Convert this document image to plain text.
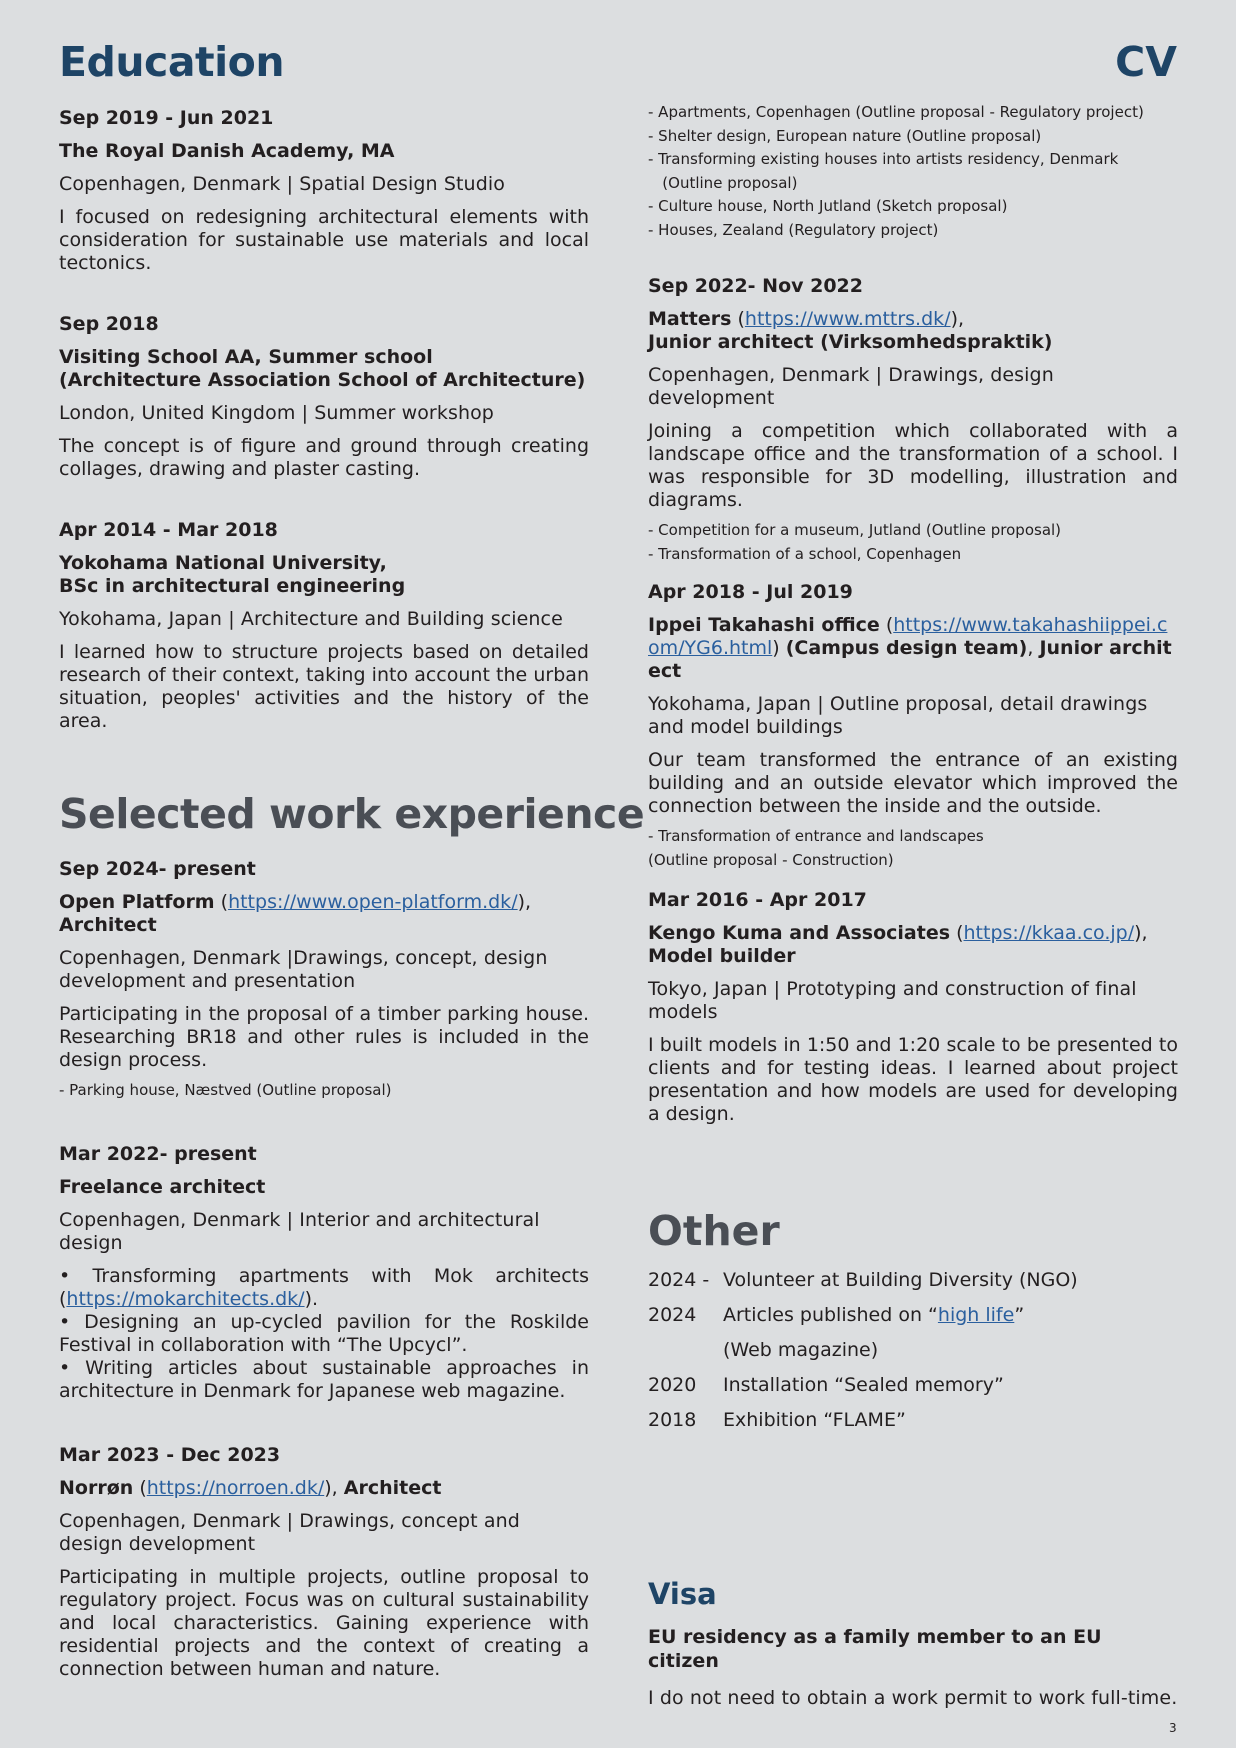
Education	CV
Selected work experience
Other
Visa
Sep 2019 - Jun 2021
The Royal Danish Academy, MA
Copenhagen, Denmark | Spatial Design Studio
I focused on redesigning architectural elements with consideration for sustainable use materials and local tectonics.
Sep 2018
Visiting School AA, Summer school
(Architecture Association School of Architecture)
London, United Kingdom | Summer workshop
The concept is of figure and ground through creating collages, drawing and plaster casting.
Apr 2014 - Mar 2018
Yokohama National University,
BSc in architectural engineering
Yokohama, Japan | Architecture and Building science
I learned how to structure projects based on detailed research of their context, taking into account the urban situation, peoples' activities and the history of the area.
Sep 2024- present
Open Platform (https://www.open-platform.dk/),
Architect
Copenhagen, Denmark |Drawings, concept, design development and presentation
Participating in the proposal of a timber parking house. Researching BR18 and other rules is included in the design process.
- Parking house, Næstved (Outline proposal)
Mar 2022- present
Freelance architect
Copenhagen, Denmark | Interior and architectural design
• Transforming apartments with Mok architects (https://mokarchitects.dk/).
• Designing an up-cycled pavilion for the Roskilde Festival in collaboration with “The Upcycl”.
• Writing articles about sustainable approaches in architecture in Denmark for Japanese web magazine.
Mar 2023 - Dec 2023
Norrøn (https://norroen.dk/), Architect
Copenhagen, Denmark | Drawings, concept and design development
Participating in multiple projects, outline proposal to regulatory project. Focus was on cultural sustainability and local characteristics. Gaining experience with residential projects and the context of creating a connection between human and nature.
- Apartments, Copenhagen (Outline proposal - Regulatory project)
- Shelter design, European nature (Outline proposal)
- Transforming existing houses into artists residency, Denmark
(Outline proposal)
- Culture house, North Jutland (Sketch proposal)
- Houses, Zealand (Regulatory project)
Sep 2022- Nov 2022
Matters (https://www.mttrs.dk/),
Junior architect (Virksomhedspraktik)
Copenhagen, Denmark | Drawings, design development
Joining a competition which collaborated with a landscape office and the transformation of a school. I was responsible for 3D modelling, illustration and diagrams.
- Competition for a museum, Jutland (Outline proposal)
- Transformation of a school, Copenhagen
Apr 2018 - Jul 2019
Ippei Takahashi office (https://www.takahashiippei.com/YG6.html) (Campus design team), Junior architect
Yokohama, Japan | Outline proposal, detail drawings and model buildings
Our team transformed the entrance of an existing building and an outside elevator which improved the connection between the inside and the outside.
- Transformation of entrance and landscapes
(Outline proposal - Construction)
Mar 2016 - Apr 2017
Kengo Kuma and Associates (https://kkaa.co.jp/),
Model builder
Tokyo, Japan | Prototyping and construction of final models
I built models in 1:50 and 1:20 scale to be presented to clients and for testing ideas. I learned about project presentation and how models are used for developing a design.
2024 - Volunteer at Building Diversity (NGO)
2024 Articles published on “high life”
(Web magazine)
2020 Installation “Sealed memory”
2018 Exhibition “FLAME”
EU residency as a family member to an EU citizen
I do not need to obtain a work permit to work full-time.
3
